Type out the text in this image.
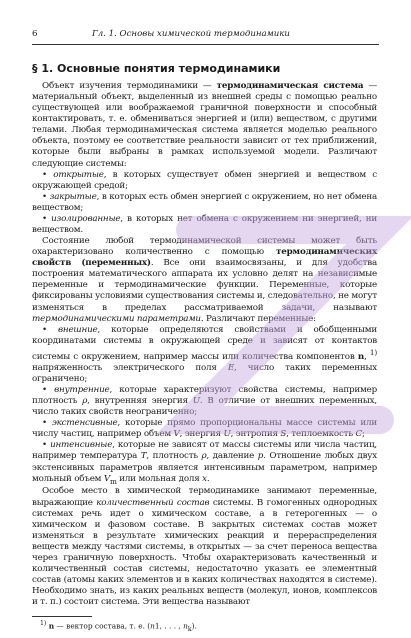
6	Гл. 1. Основы химической термодинамики
§ 1. Основные понятия термодинамики

Объект изучения термодинамики — термодинамическая система — материальный объект, выделенный из внешней среды с помощью реально существующей или воображаемой граничной поверхности и способный контактировать, т. е. обмениваться энергией и (или) веществом, с другими телами. Любая термодинамическая система является моделью реального объекта, поэтому ее соответствие реальности зависит от тех приближений, которые были выбраны в рамках используемой модели. Различают следующие системы:

• открытые, в которых существует обмен энергией и веществом с окружающей средой;

• закрытые, в которых есть обмен энергией с окружением, но нет обмена веществом;

• изолированные, в которых нет обмена с окружением ни энергией, ни веществом.

Состояние любой термодинамической системы может быть охарактеризовано количественно с помощью термодинамических свойств (переменных). Все они взаимосвязаны, и для удобства построения математического аппарата их условно делят на независимые переменные и термодинамические функции. Переменные, которые фиксированы условиями существования системы и, следовательно, не могут изменяться в пределах рассматриваемой задачи, называют термодинамическими параметрами. Различают переменные:

• внешние, которые определяются свойствами и обобщенными координатами системы в окружающей среде и зависят от контактов системы с окружением, например массы или количества компонентов n, $^{1)}$ напряженность электрического поля E, число таких переменных ограничено;

• внутренние, которые характеризуют свойства системы, например плотность ρ, внутренняя энергия U. В отличие от внешних переменных, число таких свойств неограниченно;

• экстенсивные, которые прямо пропорциональны массе системы или числу частиц, например объем V, энергия U, энтропия S, теплоемкость C;

• интенсивные, которые не зависят от массы системы или числа частиц, например температура T, плотность ρ, давление p. Отношение любых двух экстенсивных параметров является интенсивным параметром, например мольный объем $V_m$ или мольная доля x.

Особое место в химической термодинамике занимают переменные, выражающие количественный состав системы. В гомогенных однородных системах речь идет о химическом составе, а в гетерогенных — о химическом и фазовом составе. В закрытых системах состав может изменяться в результате химических реакций и перераспределения веществ между частями системы, в открытых — за счет переноса вещества через граничную поверхность. Чтобы охарактеризовать качественный и количественный состав системы, недостаточно указать ее элементный состав (атомы каких элементов и в каких количествах находятся в системе). Необходимо знать, из каких реальных веществ (молекул, ионов, комплексов и т. п.) состоит система. Эти вещества называют

$^{1)}$ n — вектор состава, т. е. (n1, . . . , $n_k$).
